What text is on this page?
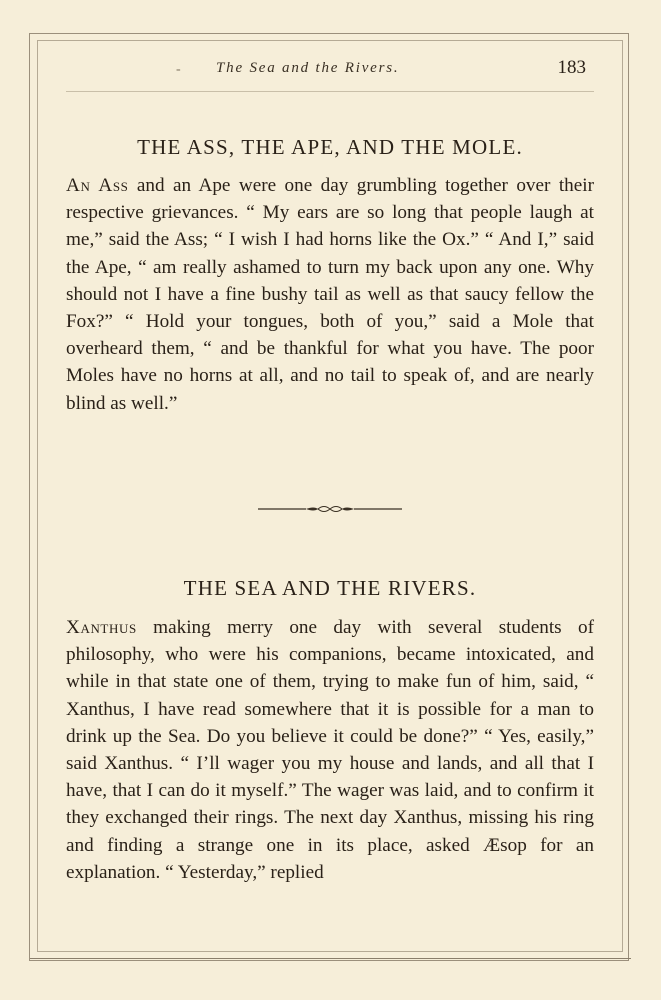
- The Sea and the Rivers.	183
THE ASS, THE APE, AND THE MOLE.

An Ass and an Ape were one day grumbling together over their respective grievances. “ My ears are so long that people laugh at me,” said the Ass; “ I wish I had horns like the Ox.” “ And I,” said the Ape, “ am really ashamed to turn my back upon any one. Why should not I have a fine bushy tail as well as that saucy fellow the Fox?” “ Hold your tongues, both of you,” said a Mole that overheard them, “ and be thankful for what you have. The poor Moles have no horns at all, and no tail to speak of, and are nearly blind as well.”

THE SEA AND THE RIVERS.

Xanthus making merry one day with several students of philosophy, who were his companions, became intoxicated, and while in that state one of them, trying to make fun of him, said, “ Xanthus, I have read somewhere that it is possible for a man to drink up the Sea. Do you believe it could be done?” “ Yes, easily,” said Xanthus. “ I’ll wager you my house and lands, and all that I have, that I can do it myself.” The wager was laid, and to confirm it they exchanged their rings. The next day Xanthus, missing his ring and finding a strange one in its place, asked Æsop for an explanation. “ Yesterday,” replied
